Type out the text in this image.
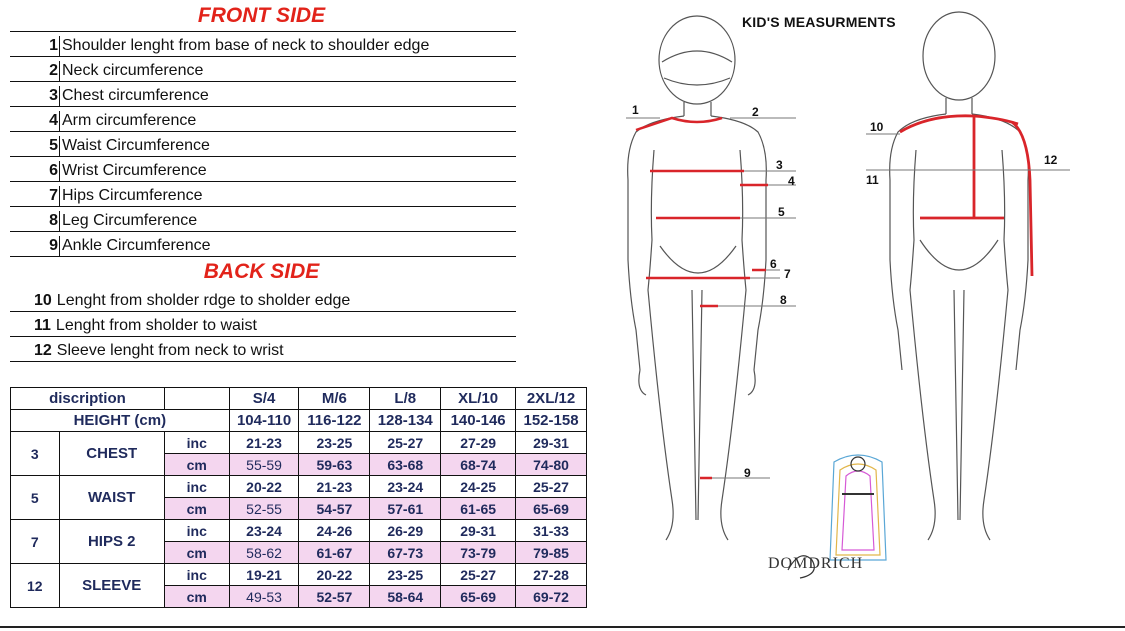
FRONT SIDE
1 Shoulder lenght from base of neck to shoulder edge
2 Neck circumference
3 Chest circumference
4 Arm circumference
5 Waist Circumference
6 Wrist Circumference
7 Hips Circumference
8 Leg Circumference
9 Ankle Circumference
BACK SIDE
10 Lenght from sholder rdge to sholder edge
11 Lenght from sholder to waist
12 Sleeve lenght from neck to wrist
discription			S/4	M/6	L/8	XL/10	2XL/12
HEIGHT (cm)			104-110	116-122	128-134	140-146	152-158
3	CHEST	inc	21-23	23-25	25-27	27-29	29-31
		cm	55-59	59-63	63-68	68-74	74-80
5	WAIST	inc	20-22	21-23	23-24	24-25	25-27
		cm	52-55	54-57	57-61	61-65	65-69
7	HIPS 2	inc	23-24	24-26	26-29	29-31	31-33
		cm	58-62	61-67	67-73	73-79	79-85
12	SLEEVE	inc	19-21	20-22	23-25	25-27	27-28
		cm	49-53	52-57	58-64	65-69	69-72
KID'S MEASURMENTS
1	2
3
4
5
6
7
8
9
10
11
12
DOMDRICH
